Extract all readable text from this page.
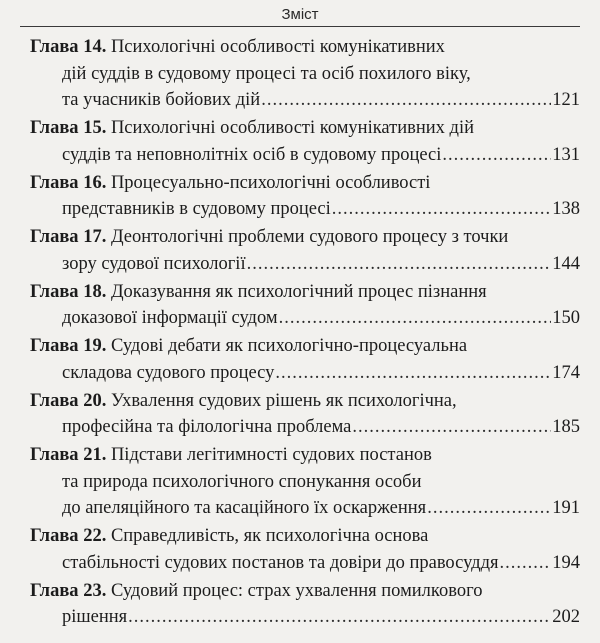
Зміст
Глава 14. Психологічні особливості комунікативних
дій суддів в судовому процесі та осіб похилого віку,
та учасників бойових дій .....	121
Глава 15. Психологічні особливості комунікативних дій
суддів та неповнолітніх осіб в судовому процесі .....	131
Глава 16. Процесуально-психологічні особливості
представників в судовому процесі .....	138
Глава 17. Деонтологічні проблеми судового процесу з точки
зору судової психології .....	144
Глава 18. Доказування як психологічний процес пізнання
доказової інформації судом .....	150
Глава 19. Судові дебати як психологічно-процесуальна
складова судового процесу .....	174
Глава 20. Ухвалення судових рішень як психологічна,
професійна та філологічна проблема .....	185
Глава 21. Підстави легітимності судових постанов
та природа психологічного спонукання особи
до апеляційного та касаційного їх оскарження .....	191
Глава 22. Справедливість, як психологічна основа
стабільності судових постанов та довіри до правосуддя .....	194
Глава 23. Судовий процес: страх ухвалення помилкового
рішення .....	202
